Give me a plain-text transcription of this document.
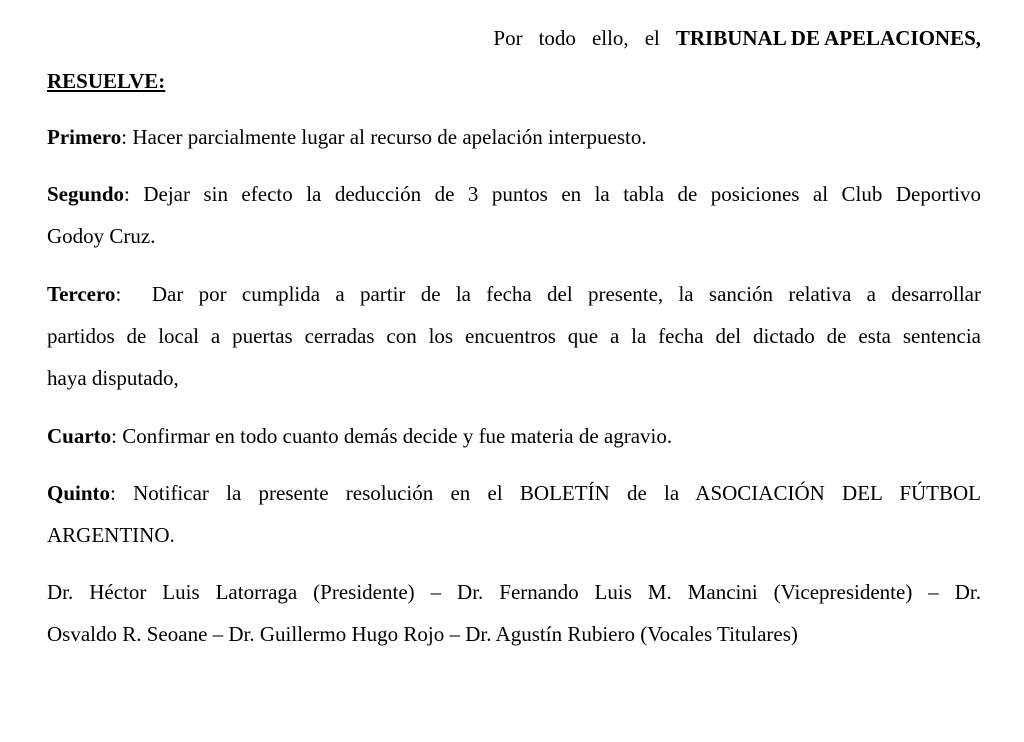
Por todo ello, el TRIBUNAL DE APELACIONES,
RESUELVE:
Primero: Hacer parcialmente lugar al recurso de apelación interpuesto.
Segundo: Dejar sin efecto la deducción de 3 puntos en la tabla de posiciones al Club Deportivo
Godoy Cruz.
Tercero:  Dar por cumplida a partir de la fecha del presente, la sanción relativa a desarrollar
partidos de local a puertas cerradas con los encuentros que a la fecha del dictado de esta sentencia
haya disputado,
Cuarto: Confirmar en todo cuanto demás decide y fue materia de agravio.
Quinto: Notificar la presente resolución en el BOLETÍN de la ASOCIACIÓN DEL FÚTBOL
ARGENTINO.
Dr. Héctor Luis Latorraga (Presidente) – Dr. Fernando Luis M. Mancini (Vicepresidente) – Dr.
Osvaldo R. Seoane – Dr. Guillermo Hugo Rojo – Dr. Agustín Rubiero (Vocales Titulares)
